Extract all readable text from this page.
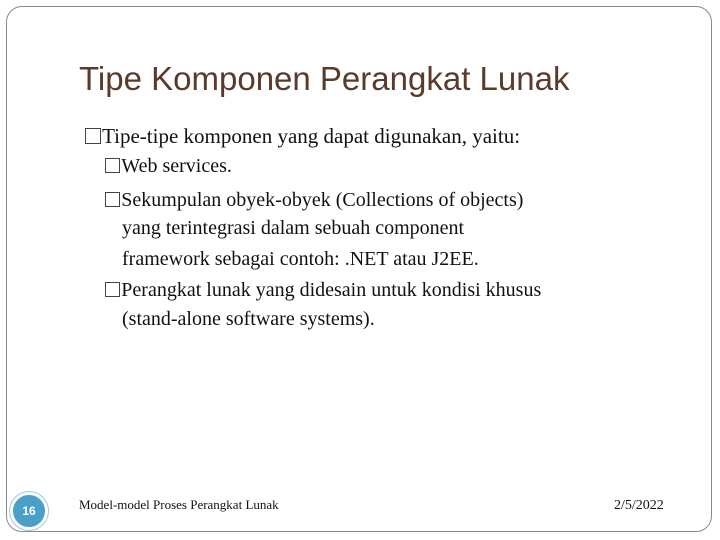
Tipe Komponen Perangkat Lunak
Tipe-tipe komponen yang dapat digunakan, yaitu:
Web services.
Sekumpulan obyek-obyek (Collections of objects)
yang terintegrasi dalam sebuah component
framework sebagai contoh: .NET atau J2EE.
Perangkat lunak yang didesain untuk kondisi khusus
(stand-alone software systems).
16	Model-model Proses Perangkat Lunak	2/5/2022
